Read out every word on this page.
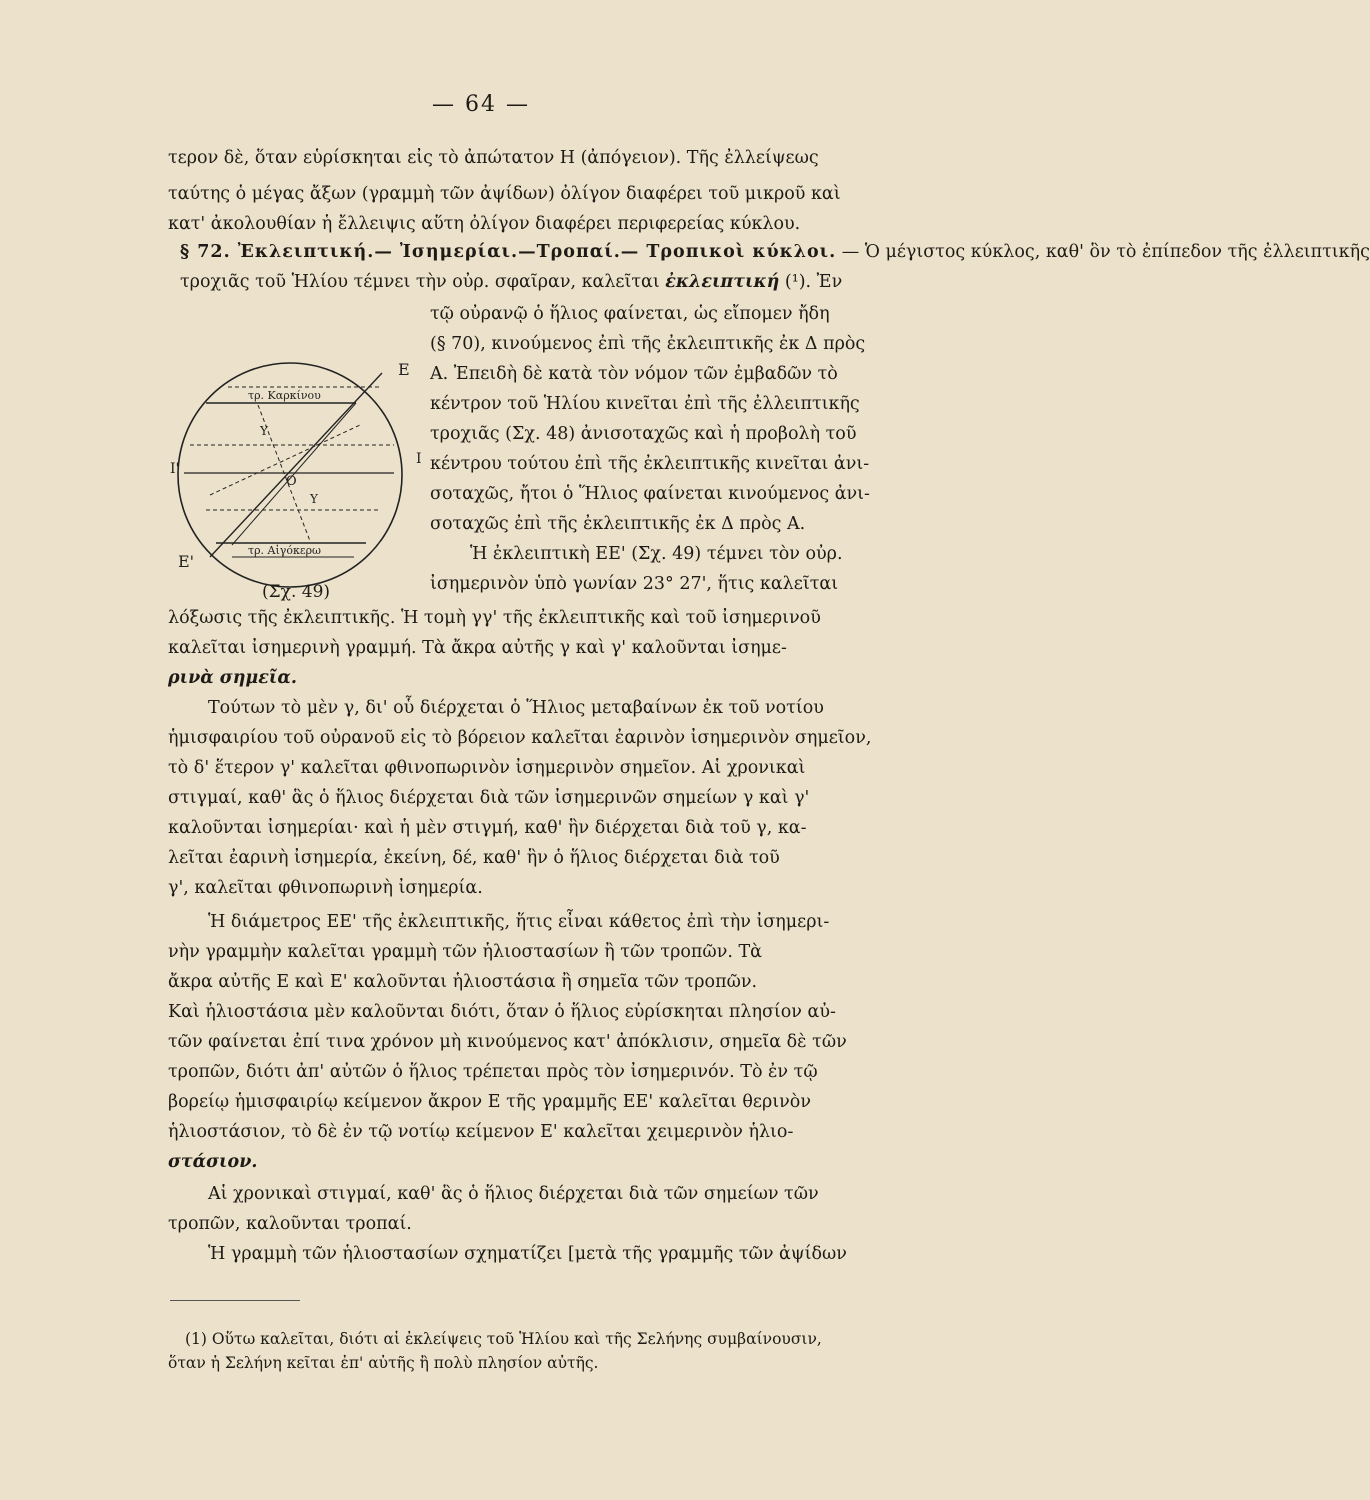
— 64 —
τερον δὲ, ὅταν εὑρίσκηται εἰς τὸ ἀπώτατον Η (ἀπόγειον). Τῆς ἐλλείψεως
ταύτης ὁ μέγας ἄξων (γραμμὴ τῶν ἀψίδων) ὀλίγον διαφέρει τοῦ μικροῦ καὶ
κατ' ἀκολουθίαν ἡ ἔλλειψις αὕτη ὀλίγον διαφέρει περιφερείας κύκλου.
§ 72. Ἐκλειπτική.— Ἰσημερίαι.—Τροπαί.— Τροπικοὶ κύκλοι. — Ὁ μέγιστος κύκλος, καθ' ὃν τὸ ἐπίπεδον τῆς ἐλλειπτικῆς
τροχιᾶς τοῦ Ἡλίου τέμνει τὴν οὐρ. σφαῖραν, καλεῖται ἐκλειπτική (¹). Ἐν
Ε
Ε'
Ι
Ι'
Ο
Υ
Υ
τρ. Καρκίνου
τρ. Αἰγόκερω
(Σχ. 49)
τῷ οὐρανῷ ὁ ἥλιος φαίνεται, ὡς εἴπομεν ἤδη
(§ 70), κινούμενος ἐπὶ τῆς ἐκλειπτικῆς ἐκ Δ πρὸς
Α. Ἐπειδὴ δὲ κατὰ τὸν νόμον τῶν ἐμβαδῶν τὸ
κέντρον τοῦ Ἡλίου κινεῖται ἐπὶ τῆς ἐλλειπτικῆς
τροχιᾶς (Σχ. 48) ἀνισοταχῶς καὶ ἡ προβολὴ τοῦ
κέντρου τούτου ἐπὶ τῆς ἐκλειπτικῆς κινεῖται ἀνι-
σοταχῶς, ἤτοι ὁ Ἥλιος φαίνεται κινούμενος ἀνι-
σοταχῶς ἐπὶ τῆς ἐκλειπτικῆς ἐκ Δ πρὸς Α.
Ἡ ἐκλειπτικὴ ΕΕ' (Σχ. 49) τέμνει τὸν οὐρ.
ἰσημερινὸν ὑπὸ γωνίαν 23° 27', ἥτις καλεῖται
λόξωσις τῆς ἐκλειπτικῆς. Ἡ τομὴ γγ' τῆς ἐκλειπτικῆς καὶ τοῦ ἰσημερινοῦ
καλεῖται ἰσημερινὴ γραμμή. Τὰ ἄκρα αὐτῆς γ καὶ γ' καλοῦνται ἰσημε-
ρινὰ σημεῖα.
Τούτων τὸ μὲν γ, δι' οὗ διέρχεται ὁ Ἥλιος μεταβαίνων ἐκ τοῦ νοτίου
ἡμισφαιρίου τοῦ οὐρανοῦ εἰς τὸ βόρειον καλεῖται ἐαρινὸν ἰσημερινὸν σημεῖον,
τὸ δ' ἕτερον γ' καλεῖται φθινοπωρινὸν ἰσημερινὸν σημεῖον. Αἱ χρονικαὶ
στιγμαί, καθ' ἃς ὁ ἥλιος διέρχεται διὰ τῶν ἰσημερινῶν σημείων γ καὶ γ'
καλοῦνται ἰσημερίαι· καὶ ἡ μὲν στιγμή, καθ' ἣν διέρχεται διὰ τοῦ γ, κα-
λεῖται ἐαρινὴ ἰσημερία, ἐκείνη, δέ, καθ' ἣν ὁ ἥλιος διέρχεται διὰ τοῦ
γ', καλεῖται φθινοπωρινὴ ἰσημερία.
Ἡ διάμετρος ΕΕ' τῆς ἐκλειπτικῆς, ἥτις εἶναι κάθετος ἐπὶ τὴν ἰσημερι-
νὴν γραμμὴν καλεῖται γραμμὴ τῶν ἡλιοστασίων ἢ τῶν τροπῶν. Τὰ
ἄκρα αὐτῆς Ε καὶ Ε' καλοῦνται ἡλιοστάσια ἢ σημεῖα τῶν τροπῶν.
Καὶ ἡλιοστάσια μὲν καλοῦνται διότι, ὅταν ὁ ἥλιος εὑρίσκηται πλησίον αὐ-
τῶν φαίνεται ἐπί τινα χρόνον μὴ κινούμενος κατ' ἀπόκλισιν, σημεῖα δὲ τῶν
τροπῶν, διότι ἀπ' αὐτῶν ὁ ἥλιος τρέπεται πρὸς τὸν ἰσημερινόν. Τὸ ἐν τῷ
βορείῳ ἡμισφαιρίῳ κείμενον ἄκρον Ε τῆς γραμμῆς ΕΕ' καλεῖται θερινὸν
ἡλιοστάσιον, τὸ δὲ ἐν τῷ νοτίῳ κείμενον Ε' καλεῖται χειμερινὸν ἡλιο-
στάσιον.
Αἱ χρονικαὶ στιγμαί, καθ' ἃς ὁ ἥλιος διέρχεται διὰ τῶν σημείων τῶν
τροπῶν, καλοῦνται τροπαί.
Ἡ γραμμὴ τῶν ἡλιοστασίων σχηματίζει [μετὰ τῆς γραμμῆς τῶν ἀψίδων
(1) Οὕτω καλεῖται, διότι αἱ ἐκλείψεις τοῦ Ἡλίου καὶ τῆς Σελήνης συμβαίνουσιν,
ὅταν ἡ Σελήνη κεῖται ἐπ' αὐτῆς ἢ πολὺ πλησίον αὐτῆς.
